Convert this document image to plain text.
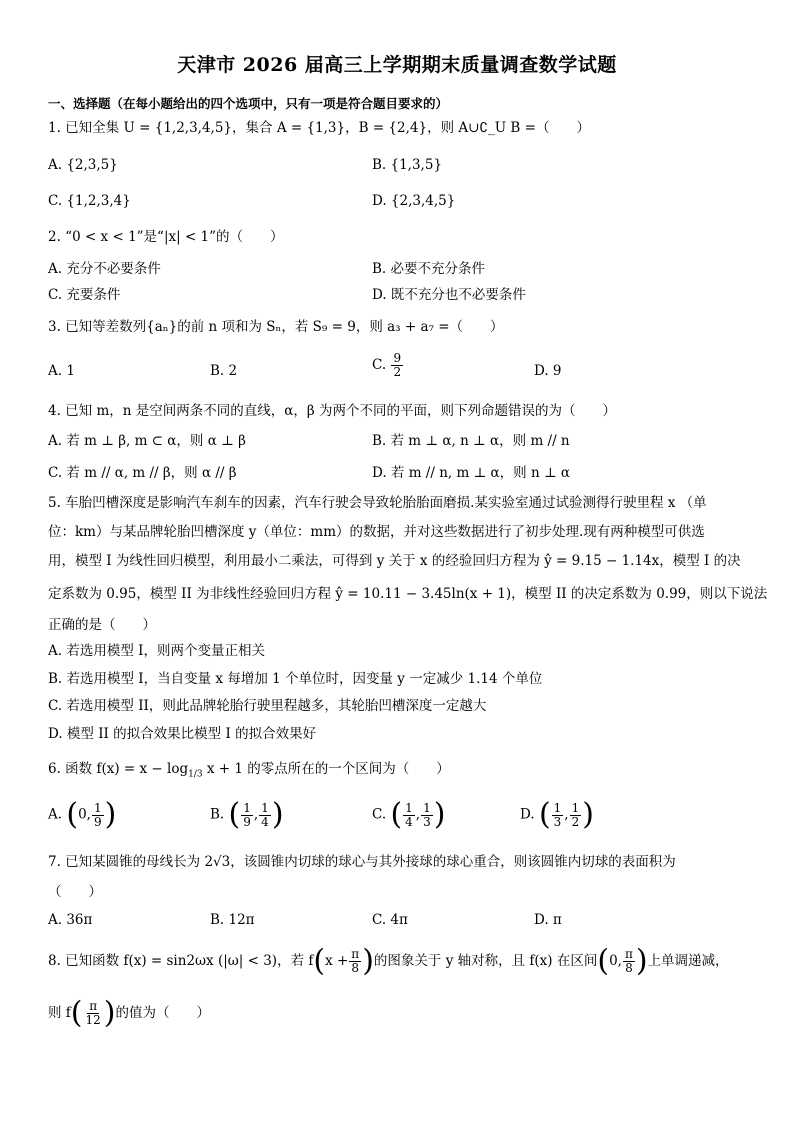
天津市 2026 届高三上学期期末质量调查数学试题
一、选择题（在每小题给出的四个选项中，只有一项是符合题目要求的）
1. 已知全集 U = {1,2,3,4,5}，集合 A = {1,3}，B = {2,4}，则 A∪∁_U B =（　　）
A. {2,3,5}	B. {1,3,5}
C. {1,2,3,4}	D. {2,3,4,5}
2. “0 < x < 1”是“|x| < 1”的（　　）
A. 充分不必要条件	B. 必要不充分条件
C. 充要条件	D. 既不充分也不必要条件
3. 已知等差数列{aₙ}的前 n 项和为 Sₙ，若 S₉ = 9，则 a₃ + a₇ =（　　）
A. 1	B. 2	C. $\frac{9}{2}$	D. 9
4. 已知 m，n 是空间两条不同的直线，α，β 为两个不同的平面，则下列命题错误的为（　　）
A. 若 m ⊥ β, m ⊂ α，则 α ⊥ β	B. 若 m ⊥ α, n ⊥ α，则 m // n
C. 若 m // α, m // β，则 α // β	D. 若 m // n, m ⊥ α，则 n ⊥ α
5. 车胎凹槽深度是影响汽车刹车的因素，汽车行驶会导致轮胎胎面磨损.某实验室通过试验测得行驶里程 x （单
位：km）与某品牌轮胎凹槽深度 y（单位：mm）的数据，并对这些数据进行了初步处理.现有两种模型可供选
用，模型 I 为线性回归模型，利用最小二乘法，可得到 y 关于 x 的经验回归方程为 ŷ = 9.15 − 1.14x，模型 I 的决
定系数为 0.95，模型 II 为非线性经验回归方程 ŷ = 10.11 − 3.45ln(x + 1)，模型 II 的决定系数为 0.99，则以下说法
正确的是（　　）
A. 若选用模型 I，则两个变量正相关
B. 若选用模型 I，当自变量 x 每增加 1 个单位时，因变量 y 一定减少 1.14 个单位
C. 若选用模型 II，则此品牌轮胎行驶里程越多，其轮胎凹槽深度一定越大
D. 模型 II 的拟合效果比模型 I 的拟合效果好
6. 函数 $f(x) = x - \log_{1/3} x + 1$ 的零点所在的一个区间为（　　）
A. (0, $\frac{1}{9}$ )	B. ( $\frac{1}{9}$ , $\frac{1}{4}$ )	C. ( $\frac{1}{4}$ , $\frac{1}{3}$ )	D. ( $\frac{1}{3}$ , $\frac{1}{2}$ )
7. 已知某圆锥的母线长为 2√3，该圆锥内切球的球心与其外接球的球心重合，则该圆锥内切球的表面积为
（　　）
A. 36π	B. 12π	C. 4π	D. π
8. 已知函数 f(x) = sin2ωx (|ω| < 3)，若 $f(x + \frac{\pi}{8}$ )的图象关于 y 轴对称，且 f(x) 在区间(0, $\frac{\pi}{8}$ )上单调递减，
则 $f( \frac{\pi}{12}$ )的值为（　　）
